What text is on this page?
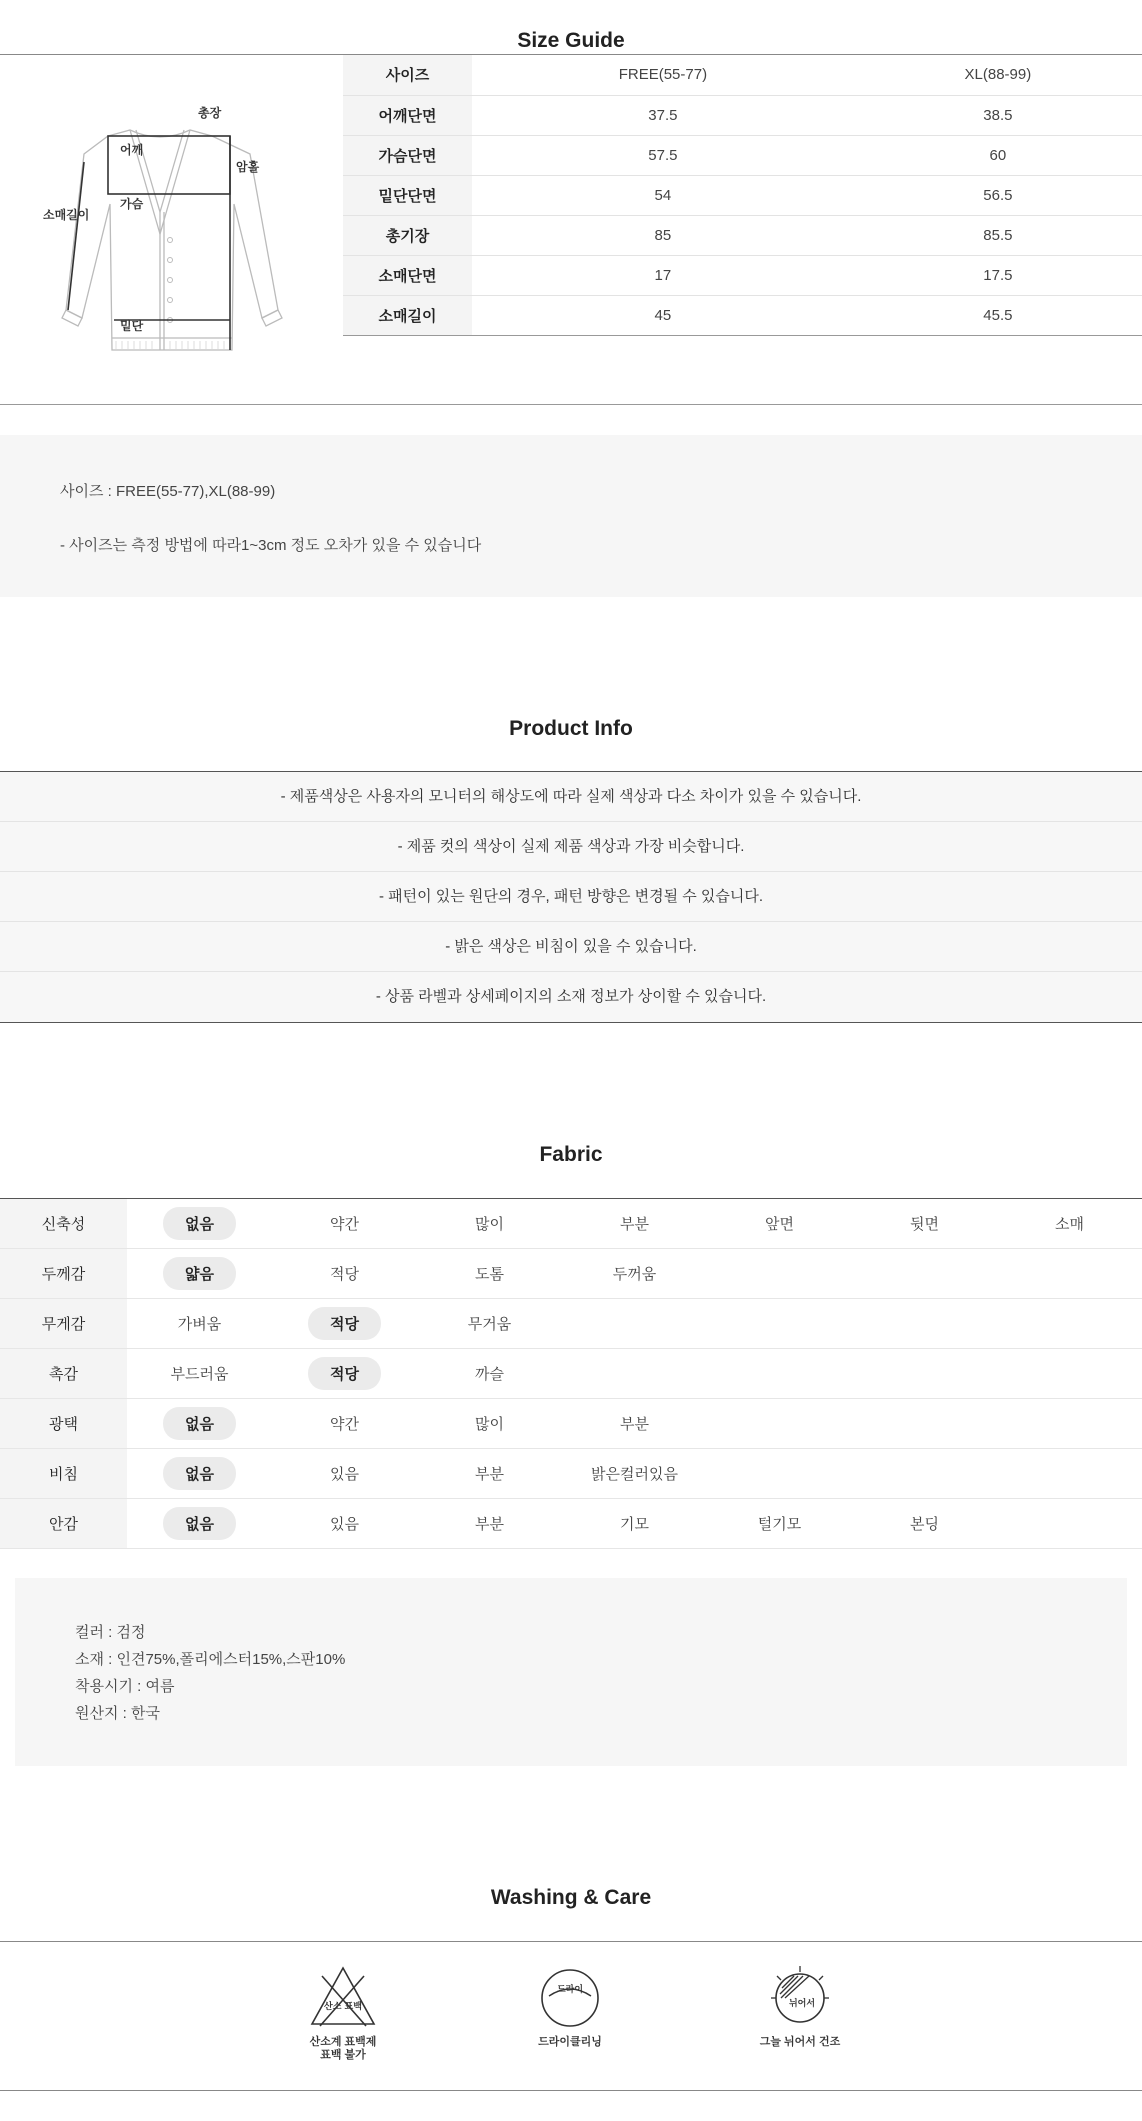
Size Guide
총장
어깨
암홀
가슴
소매길이
밑단
사이즈	FREE(55-77)	XL(88-99)
어깨단면	37.5	38.5
가슴단면	57.5	60
밑단단면	54	56.5
총기장	85	85.5
소매단면	17	17.5
소매길이	45	45.5

사이즈 : FREE(55-77),XL(88-99)

- 사이즈는 측정 방법에 따라1~3cm 정도 오차가 있을 수 있습니다

Product Info
- 제품색상은 사용자의 모니터의 해상도에 따라 실제 색상과 다소 차이가 있을 수 있습니다.
- 제품 컷의 색상이 실제 제품 색상과 가장 비슷합니다.
- 패턴이 있는 원단의 경우, 패턴 방향은 변경될 수 있습니다.
- 밝은 색상은 비침이 있을 수 있습니다.
- 상품 라벨과 상세페이지의 소재 정보가 상이할 수 있습니다.
Fabric
신축성	없음	약간	많이	부분	앞면	뒷면	소매
두께감	얇음	적당	도톰	두꺼움			
무게감	가벼움	적당	무거움				
촉감	부드러움	적당	까슬				
광택	없음	약간	많이	부분			
비침	없음	있음	부분	밝은컬러있음			
안감	없음	있음	부분	기모	털기모	본딩	

컬러 : 검정

소재 : 인견75%,폴리에스터15%,스판10%

착용시기 : 여름

원산지 : 한국

Washing & Care
산소 표백
산소계 표백제
표백 불가
드라이
드라이클리닝
뉘어서
그늘 뉘어서 건조
